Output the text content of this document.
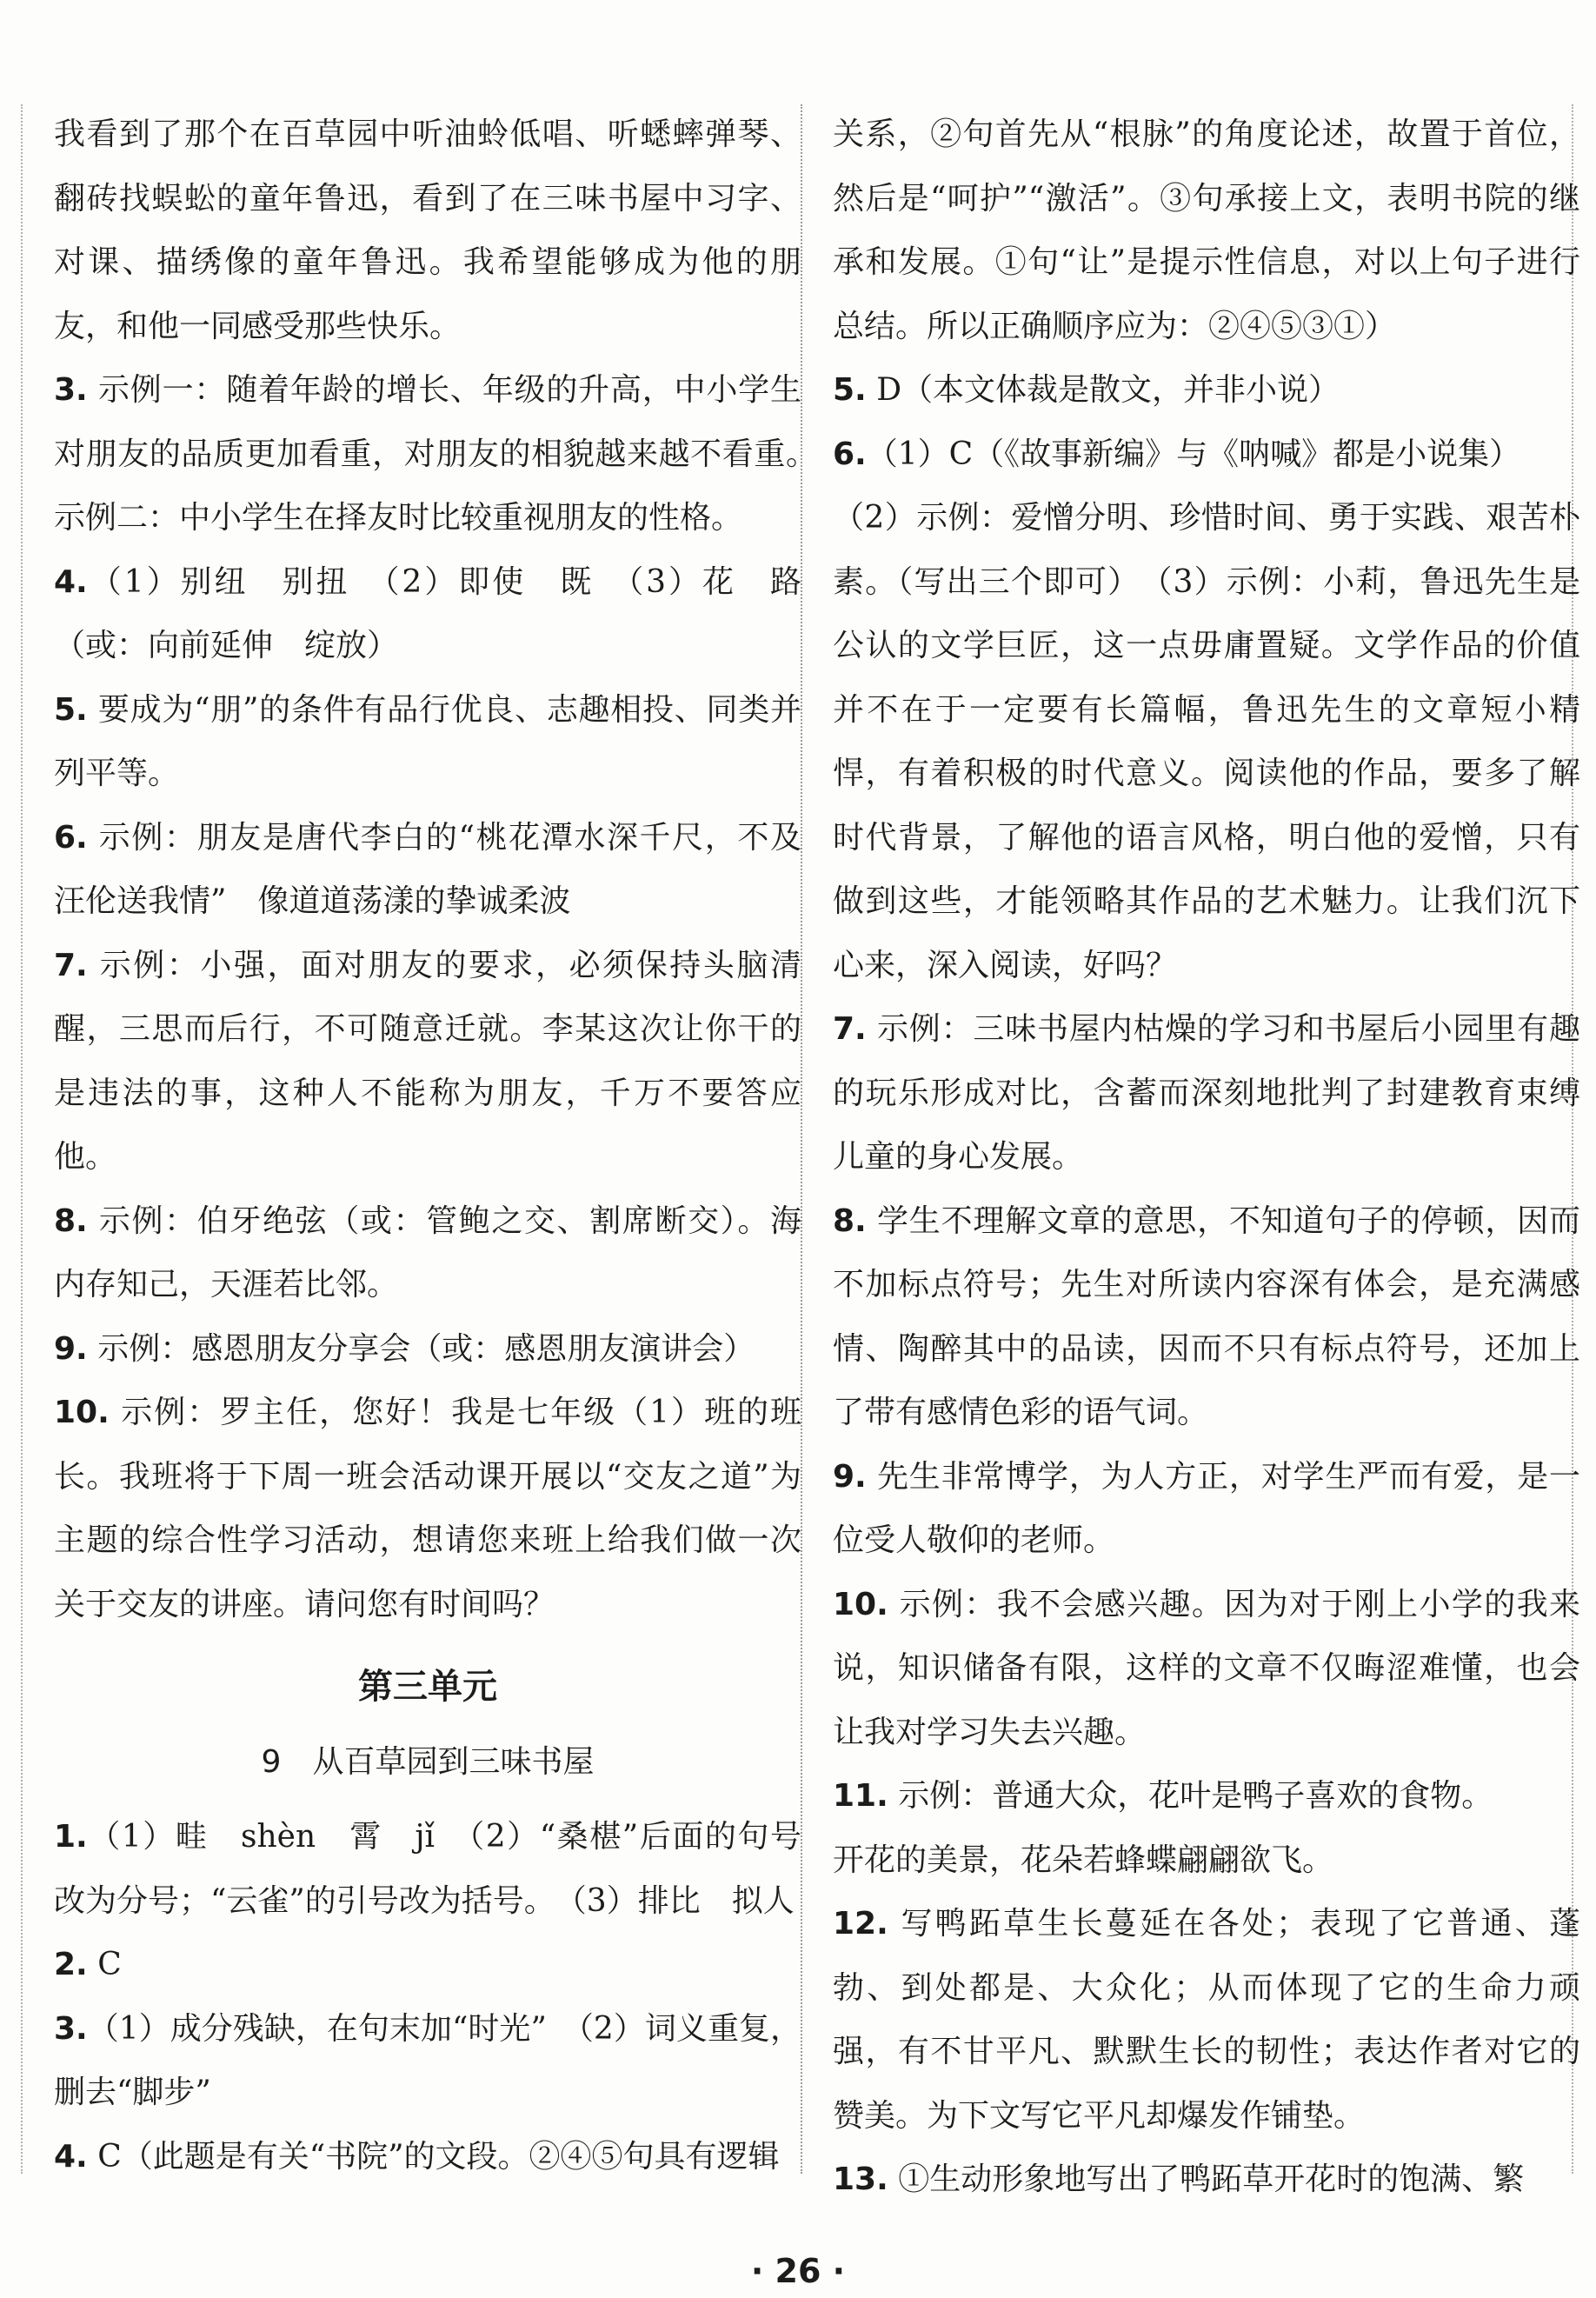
我看到了那个在百草园中听油蛉低唱、听蟋蟀弹琴、翻砖找蜈蚣的童年鲁迅，看到了在三味书屋中习字、对课、描绣像的童年鲁迅。我希望能够成为他的朋友，和他一同感受那些快乐。

3. 示例一：随着年龄的增长、年级的升高，中小学生对朋友的品质更加看重，对朋友的相貌越来越不看重。　示例二：中小学生在择友时比较重视朋友的性格。

4.（1）别纽　别扭　（2）即使　既　（3）花　路（或：向前延伸　绽放）

5. 要成为“朋”的条件有品行优良、志趣相投、同类并列平等。

6. 示例：朋友是唐代李白的“桃花潭水深千尺，不及汪伦送我情”　像道道荡漾的挚诚柔波

7. 示例：小强，面对朋友的要求，必须保持头脑清醒，三思而后行，不可随意迁就。李某这次让你干的是违法的事，这种人不能称为朋友，千万不要答应他。

8. 示例：伯牙绝弦（或：管鲍之交、割席断交）。海内存知己，天涯若比邻。

9. 示例：感恩朋友分享会（或：感恩朋友演讲会）

10. 示例：罗主任，您好！我是七年级（1）班的班长。我班将于下周一班会活动课开展以“交友之道”为主题的综合性学习活动，想请您来班上给我们做一次关于交友的讲座。请问您有时间吗？

第三单元
9　从百草园到三味书屋

1.（1）畦　shèn　霄　jǐ　（2）“桑椹”后面的句号改为分号；“云雀”的引号改为括号。　（3）排比　拟人

2. C

3.（1）成分残缺，在句末加“时光”　（2）词义重复，删去“脚步”

4. C（此题是有关“书院”的文段。②④⑤句具有逻辑

关系，②句首先从“根脉”的角度论述，故置于首位，然后是“呵护”“激活”。③句承接上文，表明书院的继承和发展。①句“让”是提示性信息，对以上句子进行总结。所以正确顺序应为：②④⑤③①）

5. D（本文体裁是散文，并非小说）

6.（1）C（《故事新编》与《呐喊》都是小说集）

（2）示例：爱憎分明、珍惜时间、勇于实践、艰苦朴素。（写出三个即可）　（3）示例：小莉，鲁迅先生是公认的文学巨匠，这一点毋庸置疑。文学作品的价值并不在于一定要有长篇幅，鲁迅先生的文章短小精悍，有着积极的时代意义。阅读他的作品，要多了解时代背景，了解他的语言风格，明白他的爱憎，只有做到这些，才能领略其作品的艺术魅力。让我们沉下心来，深入阅读，好吗？

7. 示例：三味书屋内枯燥的学习和书屋后小园里有趣的玩乐形成对比，含蓄而深刻地批判了封建教育束缚儿童的身心发展。

8. 学生不理解文章的意思，不知道句子的停顿，因而不加标点符号；先生对所读内容深有体会，是充满感情、陶醉其中的品读，因而不只有标点符号，还加上了带有感情色彩的语气词。

9. 先生非常博学，为人方正，对学生严而有爱，是一位受人敬仰的老师。

10. 示例：我不会感兴趣。因为对于刚上小学的我来说，知识储备有限，这样的文章不仅晦涩难懂，也会让我对学习失去兴趣。

11. 示例：普通大众，花叶是鸭子喜欢的食物。

开花的美景，花朵若蜂蝶翩翩欲飞。

12. 写鸭跖草生长蔓延在各处；表现了它普通、蓬勃、到处都是、大众化；从而体现了它的生命力顽强，有不甘平凡、默默生长的韧性；表达作者对它的赞美。为下文写它平凡却爆发作铺垫。

13. ①生动形象地写出了鸭跖草开花时的饱满、繁

· 26 ·
